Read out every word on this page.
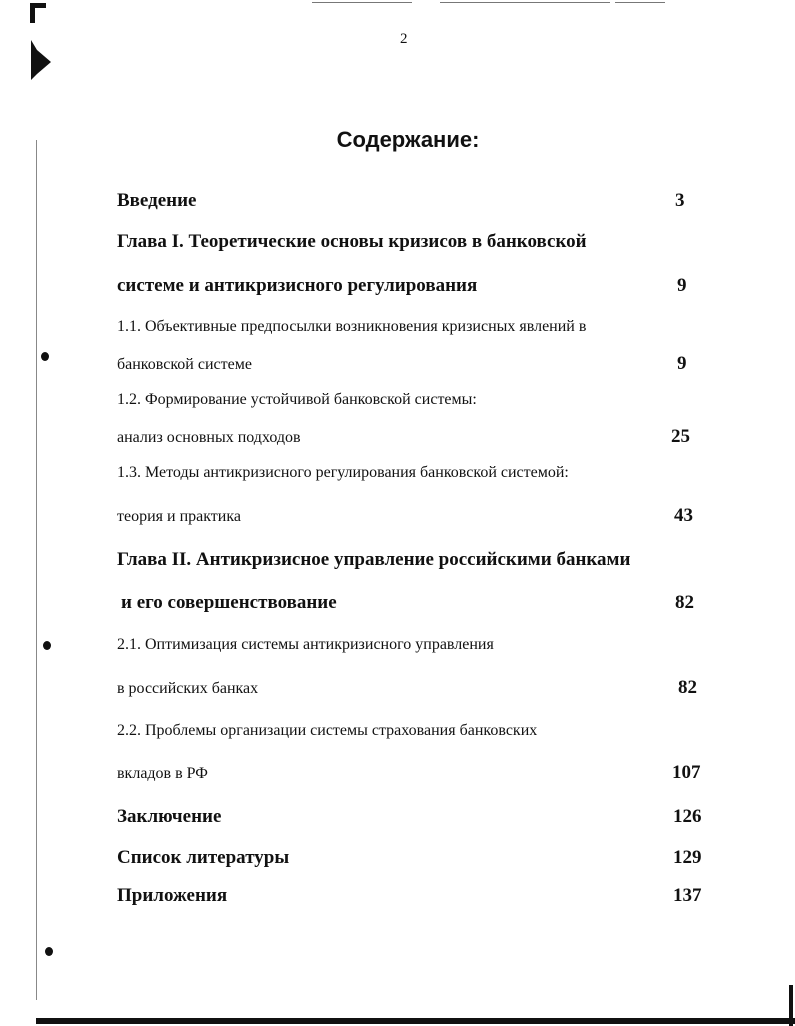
2
Содержание:
Введение	3
Глава I. Теоретические основы кризисов в банковской
системе и антикризисного регулирования	9
1.1. Объективные предпосылки возникновения кризисных явлений в
банковской системе	9
1.2. Формирование устойчивой банковской системы:
анализ основных подходов	25
1.3. Методы антикризисного регулирования банковской системой:
теория и практика	43
Глава II. Антикризисное управление российскими банками
и его совершенствование	82
2.1. Оптимизация системы антикризисного управления
в российских банках	82
2.2. Проблемы организации системы страхования банковских
вкладов в РФ	107
Заключение	126
Список литературы	129
Приложения	137
